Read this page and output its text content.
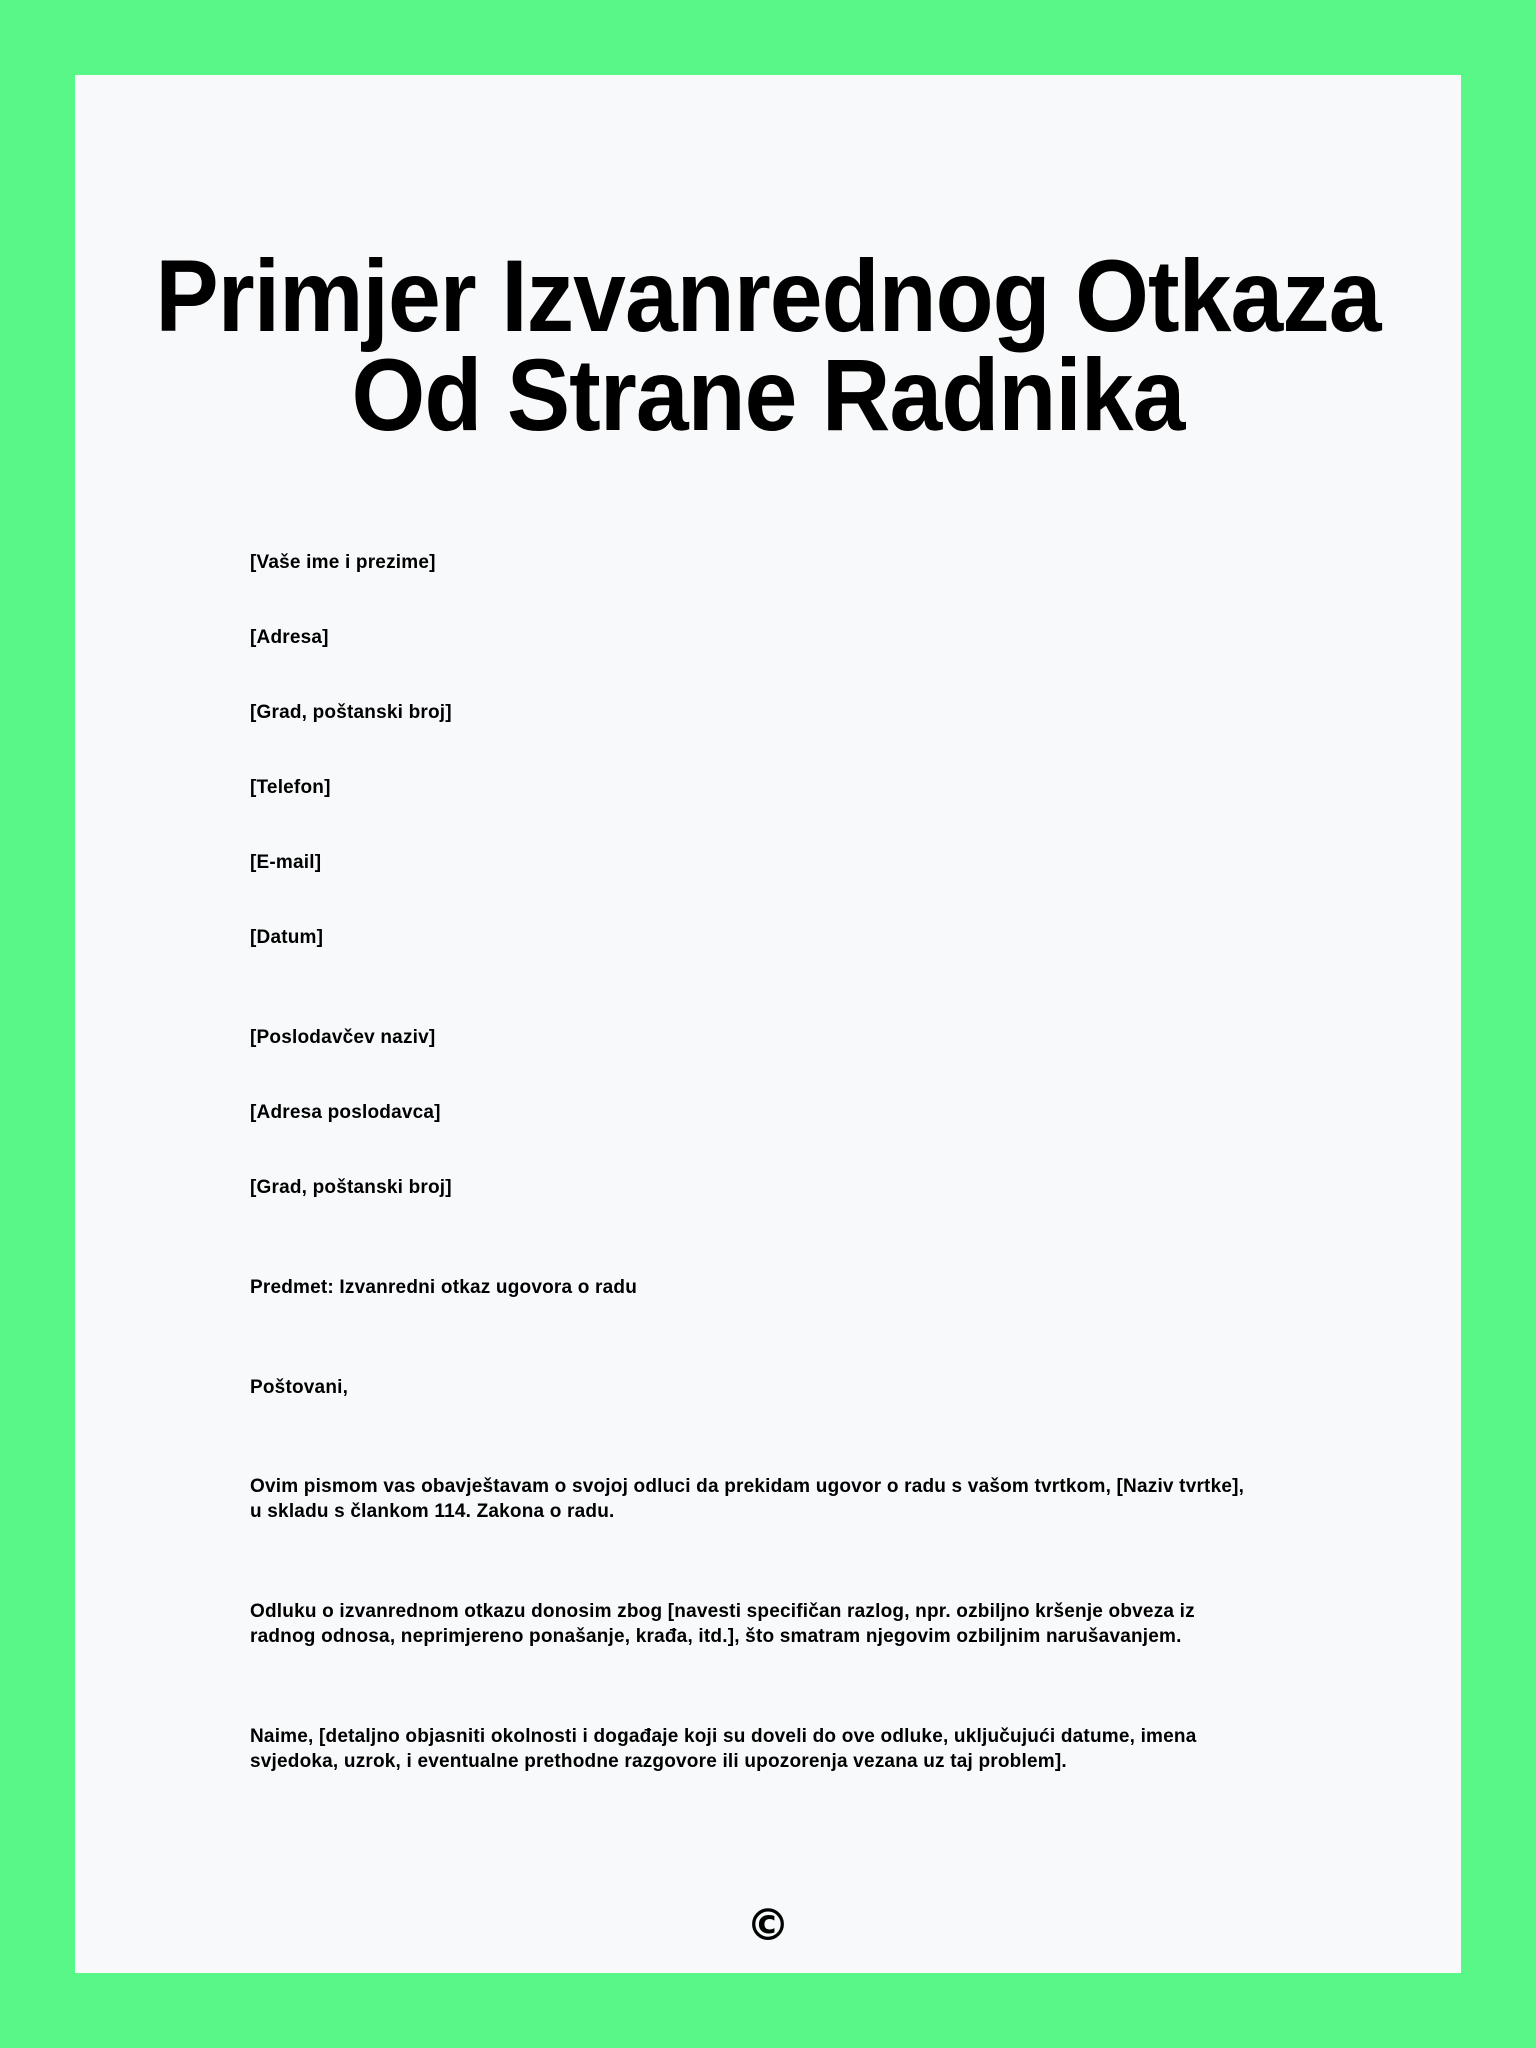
Primjer Izvanrednog Otkaza
Od Strane Radnika

[Vaše ime i prezime]

[Adresa]

[Grad, poštanski broj]

[Telefon]

[E-mail]

[Datum]

[Poslodavčev naziv]

[Adresa poslodavca]

[Grad, poštanski broj]

Predmet: Izvanredni otkaz ugovora o radu

Poštovani,

Ovim pismom vas obavještavam o svojoj odluci da prekidam ugovor o radu s vašom tvrtkom, [Naziv tvrtke], u skladu s člankom 114. Zakona o radu.

Odluku o izvanrednom otkazu donosim zbog [navesti specifičan razlog, npr. ozbiljno kršenje obveza iz radnog odnosa, neprimjereno ponašanje, krađa, itd.], što smatram njegovim ozbiljnim narušavanjem.

Naime, [detaljno objasniti okolnosti i događaje koji su doveli do ove odluke, uključujući datume, imena svjedoka, uzrok, i eventualne prethodne razgovore ili upozorenja vezana uz taj problem].

©
